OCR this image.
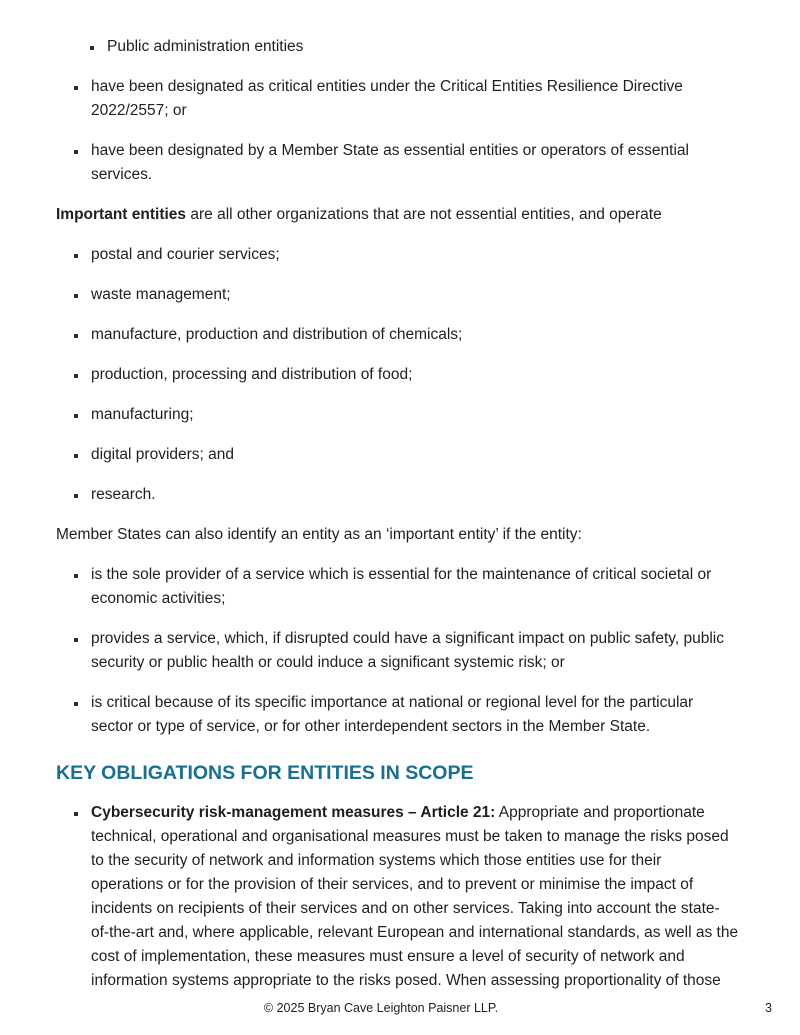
Public administration entities
have been designated as critical entities under the Critical Entities Resilience Directive
2022/2557; or
have been designated by a Member State as essential entities or operators of essential
services.
Important entities are all other organizations that are not essential entities, and operate
postal and courier services;
waste management;
manufacture, production and distribution of chemicals;
production, processing and distribution of food;
manufacturing;
digital providers; and
research.
Member States can also identify an entity as an ‘important entity’ if the entity:
is the sole provider of a service which is essential for the maintenance of critical societal or
economic activities;
provides a service, which, if disrupted could have a significant impact on public safety, public
security or public health or could induce a significant systemic risk; or
is critical because of its specific importance at national or regional level for the particular
sector or type of service, or for other interdependent sectors in the Member State.
KEY OBLIGATIONS FOR ENTITIES IN SCOPE
Cybersecurity risk-management measures – Article 21: Appropriate and proportionate
technical, operational and organisational measures must be taken to manage the risks posed
to the security of network and information systems which those entities use for their
operations or for the provision of their services, and to prevent or minimise the impact of
incidents on recipients of their services and on other services. Taking into account the state-
of-the-art and, where applicable, relevant European and international standards, as well as the
cost of implementation, these measures must ensure a level of security of network and
information systems appropriate to the risks posed. When assessing proportionality of those
© 2025 Bryan Cave Leighton Paisner LLP.	3
